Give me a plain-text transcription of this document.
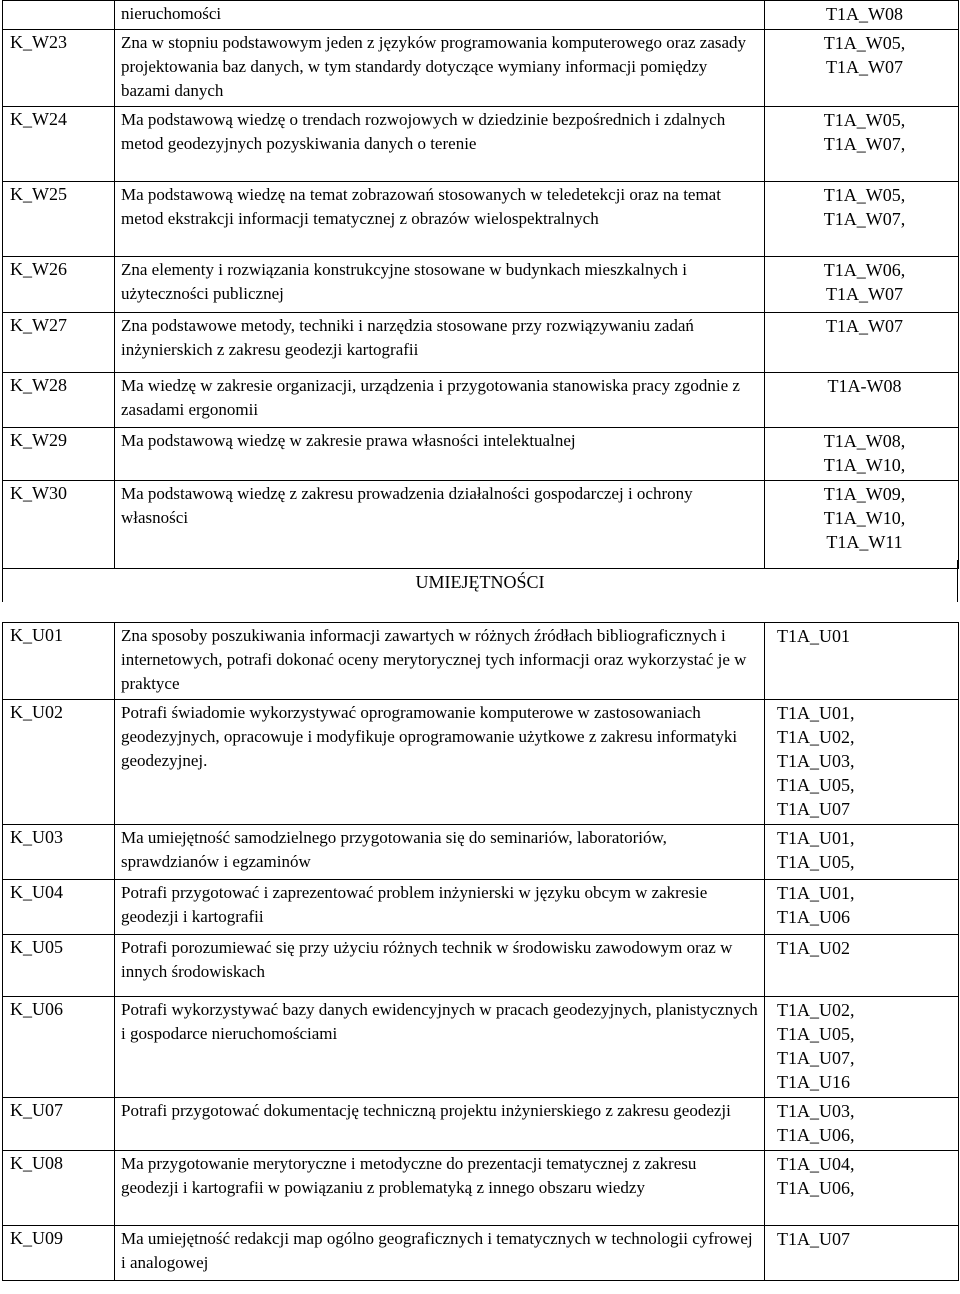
	nieruchomości	T1A_W08

K_W23	Zna w stopniu podstawowym jeden z języków programowania komputerowego oraz zasady projektowania baz danych, w tym standardy dotyczące wymiany informacji pomiędzy bazami danych	T1A_W05,
T1A_W07

K_W24	Ma podstawową wiedzę o trendach rozwojowych w dziedzinie bezpośrednich i zdalnych metod geodezyjnych pozyskiwania danych o terenie	T1A_W05,
T1A_W07,

K_W25	Ma podstawową wiedzę na temat zobrazowań stosowanych w teledetekcji oraz na temat metod ekstrakcji informacji tematycznej z obrazów wielospektralnych	T1A_W05,
T1A_W07,

K_W26	Zna elementy i rozwiązania konstrukcyjne stosowane w budynkach mieszkalnych i użyteczności publicznej	T1A_W06,
T1A_W07

K_W27	Zna podstawowe metody, techniki i narzędzia stosowane przy rozwiązywaniu zadań inżynierskich z zakresu geodezji kartografii	T1A_W07

K_W28	Ma wiedzę w zakresie organizacji, urządzenia i przygotowania stanowiska pracy zgodnie z zasadami ergonomii	T1A-W08

K_W29	Ma podstawową wiedzę w zakresie prawa własności intelektualnej	T1A_W08,
T1A_W10,

K_W30	Ma podstawową wiedzę z zakresu prowadzenia działalności gospodarczej i ochrony własności	T1A_W09,
T1A_W10,
T1A_W11
UMIEJĘTNOŚCI
K_U01	Zna sposoby poszukiwania informacji zawartych w różnych źródłach bibliograficznych i internetowych, potrafi dokonać oceny merytorycznej tych informacji oraz wykorzystać je w praktyce	T1A_U01

K_U02	Potrafi świadomie wykorzystywać oprogramowanie komputerowe w zastosowaniach geodezyjnych, opracowuje i modyfikuje oprogramowanie użytkowe z zakresu informatyki geodezyjnej.	T1A_U01,
T1A_U02,
T1A_U03,
T1A_U05,
T1A_U07

K_U03	Ma umiejętność samodzielnego przygotowania się do seminariów, laboratoriów, sprawdzianów i egzaminów	T1A_U01,
T1A_U05,

K_U04	Potrafi przygotować i zaprezentować problem inżynierski w języku obcym w zakresie geodezji i kartografii	T1A_U01,
T1A_U06

K_U05	Potrafi porozumiewać się przy użyciu różnych technik w środowisku zawodowym oraz w innych środowiskach	T1A_U02

K_U06	Potrafi wykorzystywać bazy danych ewidencyjnych w pracach geodezyjnych, planistycznych i gospodarce nieruchomościami	T1A_U02,
T1A_U05,
T1A_U07,
T1A_U16

K_U07	Potrafi przygotować dokumentację techniczną projektu inżynierskiego z zakresu geodezji	T1A_U03,
T1A_U06,

K_U08	Ma przygotowanie merytoryczne i metodyczne do prezentacji tematycznej z zakresu geodezji i kartografii w powiązaniu z problematyką z innego obszaru wiedzy	T1A_U04,
T1A_U06,

K_U09	Ma umiejętność redakcji map ogólno geograficznych i tematycznych w technologii cyfrowej i analogowej	T1A_U07
